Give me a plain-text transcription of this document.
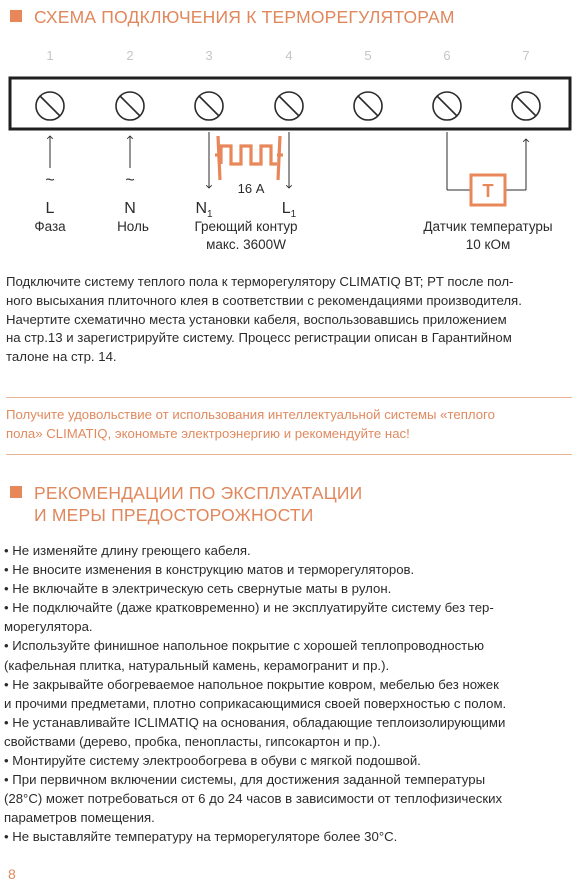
СХЕМА ПОДКЛЮЧЕНИЯ К ТЕРМОРЕГУЛЯТОРАМ
1	2	3	4	5	6	7
16 А	T
~	~
L	N	$N_1$	$L_1$
Фаза	Ноль	Греющий контур
макс. 3600W
Датчик температуры
10 кОм
Подключите систему теплого пола к терморегулятору CLIMATIQ BT; PT после пол-
ного высыхания плиточного клея в соответствии с рекомендациями производителя.
Начертите схематично места установки кабеля, воспользовавшись приложением
на стр.13 и зарегистрируйте систему. Процесс регистрации описан в Гарантийном
талоне на стр. 14.
Получите удовольствие от использования интеллектуальной системы «теплого
пола» CLIMATIQ, экономьте электроэнергию и рекомендуйте нас!
РЕКОМЕНДАЦИИ ПО ЭКСПЛУАТАЦИИ
И МЕРЫ ПРЕДОСТОРОЖНОСТИ
• Не изменяйте длину греющего кабеля.
• Не вносите изменения в конструкцию матов и терморегуляторов.
• Не включайте в электрическую сеть свернутые маты в рулон.
• Не подключайте (даже кратковременно) и не эксплуатируйте систему без тер-
морегулятора.
• Используйте финишное напольное покрытие с хорошей теплопроводностью
(кафельная плитка, натуральный камень, керамогранит и пр.).
• Не закрывайте обогреваемое напольное покрытие ковром, мебелью без ножек
и прочими предметами, плотно соприкасающимися своей поверхностью с полом.
• Не устанавливайте ICLIMATIQ на основания, обладающие теплоизолирующими
свойствами (дерево, пробка, пенопласты, гипсокартон и пр.).
• Монтируйте систему электрообогрева в обуви с мягкой подошвой.
• При первичном включении системы, для достижения заданной температуры
(28°С) может потребоваться от 6 до 24 часов в зависимости от теплофизических
параметров помещения.
• Не выставляйте температуру на терморегуляторе более 30°С.
8
